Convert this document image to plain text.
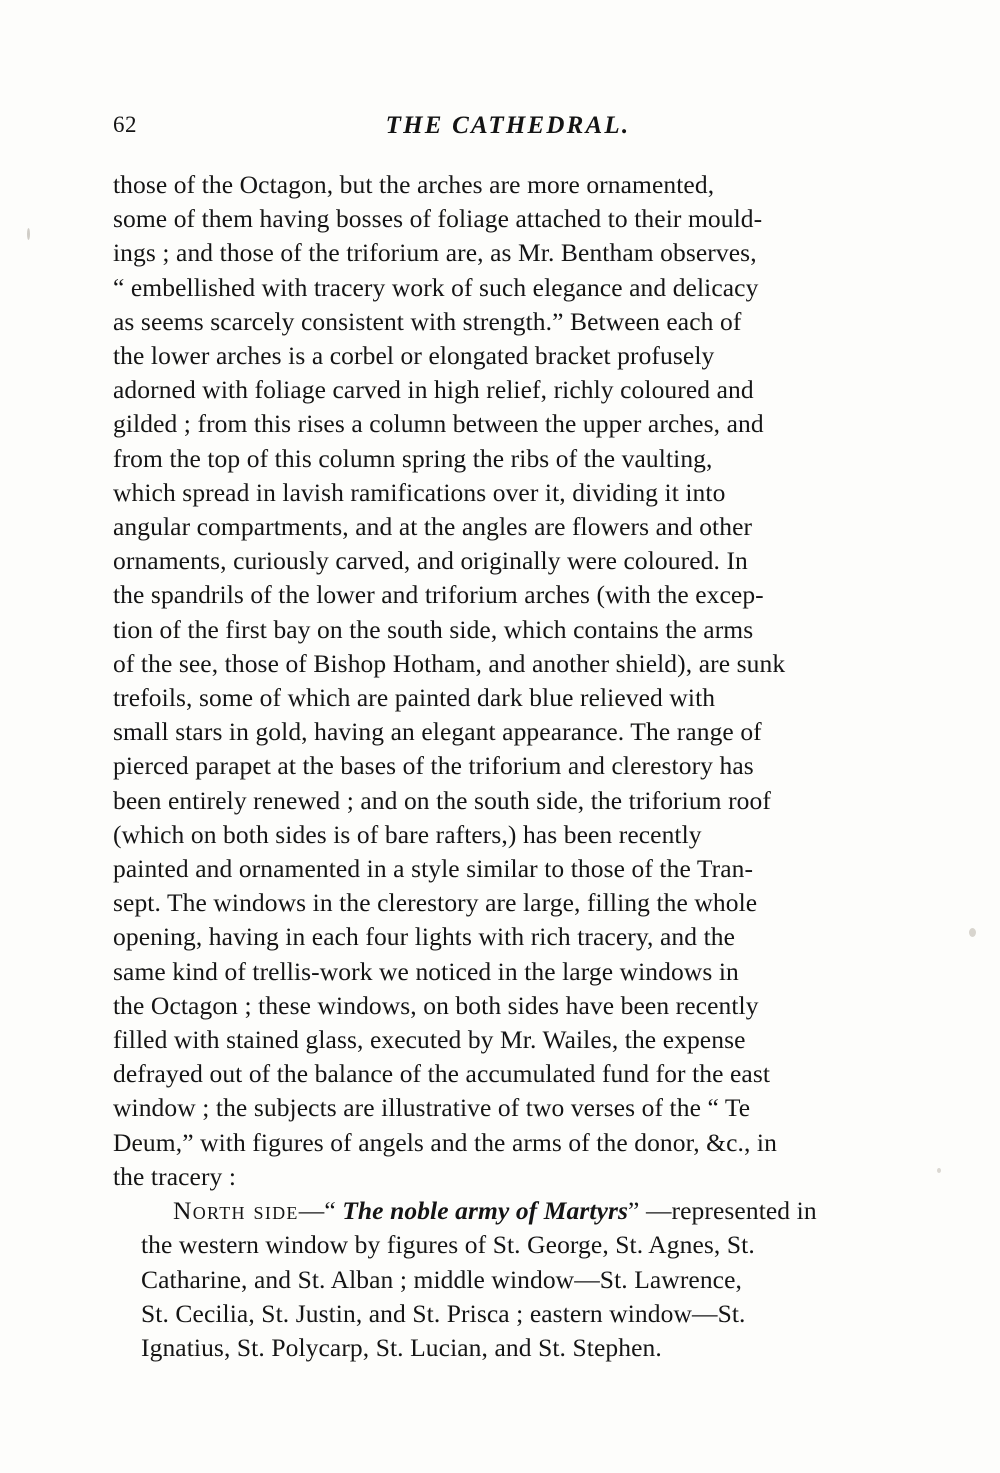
62	THE CATHEDRAL.
those of the Octagon, but the arches are more ornamented,
some of them having bosses of foliage attached to their mould-
ings ; and those of the triforium are, as Mr. Bentham observes,
“ embellished with tracery work of such elegance and delicacy
as seems scarcely consistent with strength.” Between each of
the lower arches is a corbel or elongated bracket profusely
adorned with foliage carved in high relief, richly coloured and
gilded ; from this rises a column between the upper arches, and
from the top of this column spring the ribs of the vaulting,
which spread in lavish ramifications over it, dividing it into
angular compartments, and at the angles are flowers and other
ornaments, curiously carved, and originally were coloured. In
the spandrils of the lower and triforium arches (with the excep-
tion of the first bay on the south side, which contains the arms
of the see, those of Bishop Hotham, and another shield), are sunk
trefoils, some of which are painted dark blue relieved with
small stars in gold, having an elegant appearance. The range of
pierced parapet at the bases of the triforium and clerestory has
been entirely renewed ; and on the south side, the triforium roof
(which on both sides is of bare rafters,) has been recently
painted and ornamented in a style similar to those of the Tran-
sept. The windows in the clerestory are large, filling the whole
opening, having in each four lights with rich tracery, and the
same kind of trellis-work we noticed in the large windows in
the Octagon ; these windows, on both sides have been recently
filled with stained glass, executed by Mr. Wailes, the expense
defrayed out of the balance of the accumulated fund for the east
window ; the subjects are illustrative of two verses of the “ Te
Deum,” with figures of angels and the arms of the donor, &c., in
the tracery :
North side—“ The noble army of Martyrs” —represented in
the western window by figures of St. George, St. Agnes, St.
Catharine, and St. Alban ; middle window—St. Lawrence,
St. Cecilia, St. Justin, and St. Prisca ; eastern window—St.
Ignatius, St. Polycarp, St. Lucian, and St. Stephen.
